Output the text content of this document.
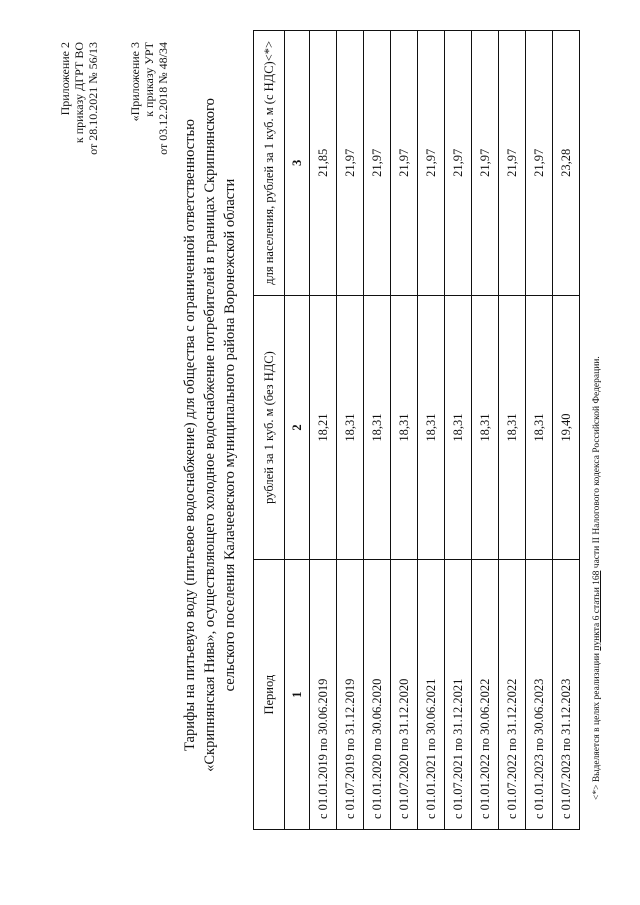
Приложение 2 к приказу ДГРТ ВО от 28.10.2021 № 56/13 «Приложение 3 к приказу УРТ от 03.12.2018 № 48/34
Тарифы на питьевую воду (питьевое водоснабжение) для общества с ограниченной ответственностью «Скрипнянская Нива», осуществляющего холодное водоснабжение потребителей в границах Скрипнянского сельского поселения Калачеевского муниципального района Воронежской области
Период	рублей за 1 куб. м (без НДС)	для населения, рублей за 1 куб. м (с НДС)<*>
1	2	3
с 01.01.2019 по 30.06.2019	18,21	21,85
с 01.07.2019 по 31.12.2019	18,31	21,97
с 01.01.2020 по 30.06.2020	18,31	21,97
с 01.07.2020 по 31.12.2020	18,31	21,97
с 01.01.2021 по 30.06.2021	18,31	21,97
с 01.07.2021 по 31.12.2021	18,31	21,97
с 01.01.2022 по 30.06.2022	18,31	21,97
с 01.07.2022 по 31.12.2022	18,31	21,97
с 01.01.2023 по 30.06.2023	18,31	21,97
с 01.07.2023 по 31.12.2023	19,40	23,28
<*> Выделяется в целях реализации пункта 6 статьи 168 части II Налогового кодекса Российской Федерации.
